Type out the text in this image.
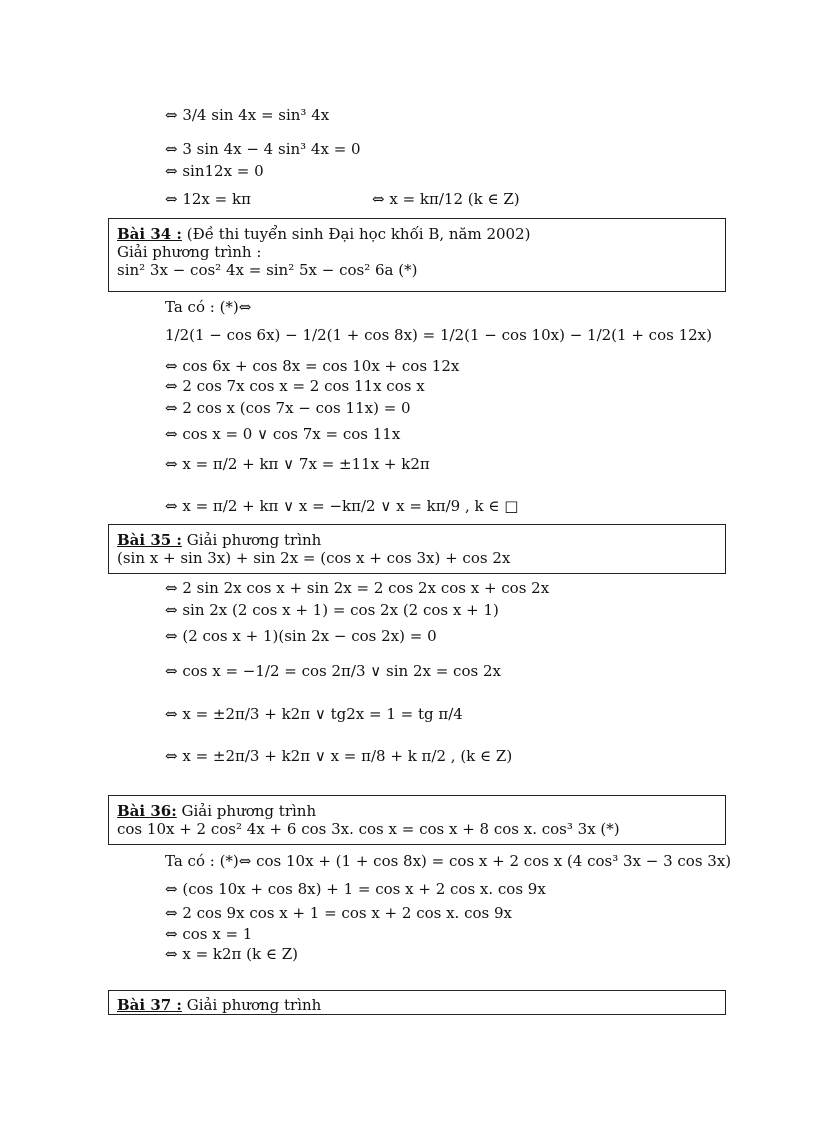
⇔ 3/4 sin 4x = sin³ 4x
⇔ 3 sin 4x − 4 sin³ 4x = 0
⇔ sin12x = 0
⇔ 12x = kπ	⇔ x = kπ/12 (k ∈ Z)
Bài 34 : (Đề thi tuyển sinh Đại học khối B, năm 2002)
Giải phương trình :
sin² 3x − cos² 4x = sin² 5x − cos² 6a (*)
Ta có : (*)⇔
1/2(1 − cos 6x) − 1/2(1 + cos 8x) = 1/2(1 − cos 10x) − 1/2(1 + cos 12x)
⇔ cos 6x + cos 8x = cos 10x + cos 12x
⇔ 2 cos 7x cos x = 2 cos 11x cos x
⇔ 2 cos x (cos 7x − cos 11x) = 0
⇔ cos x = 0 ∨ cos 7x = cos 11x
⇔ x = π/2 + kπ ∨ 7x = ±11x + k2π
⇔ x = π/2 + kπ ∨ x = −kπ/2 ∨ x = kπ/9 , k ∈ □
Bài 35 : Giải phương trình
(sin x + sin 3x) + sin 2x = (cos x + cos 3x) + cos 2x
⇔ 2 sin 2x cos x + sin 2x = 2 cos 2x cos x + cos 2x
⇔ sin 2x (2 cos x + 1) = cos 2x (2 cos x + 1)
⇔ (2 cos x + 1)(sin 2x − cos 2x) = 0
⇔ cos x = −1/2 = cos 2π/3 ∨ sin 2x = cos 2x
⇔ x = ±2π/3 + k2π ∨ tg2x = 1 = tg π/4
⇔ x = ±2π/3 + k2π ∨ x = π/8 + k π/2 , (k ∈ Z)
Bài 36: Giải phương trình
cos 10x + 2 cos² 4x + 6 cos 3x. cos x = cos x + 8 cos x. cos³ 3x (*)
Ta có : (*)⇔ cos 10x + (1 + cos 8x) = cos x + 2 cos x (4 cos³ 3x − 3 cos 3x)
⇔ (cos 10x + cos 8x) + 1 = cos x + 2 cos x. cos 9x
⇔ 2 cos 9x cos x + 1 = cos x + 2 cos x. cos 9x
⇔ cos x = 1
⇔ x = k2π (k ∈ Z)
Bài 37 : Giải phương trình
